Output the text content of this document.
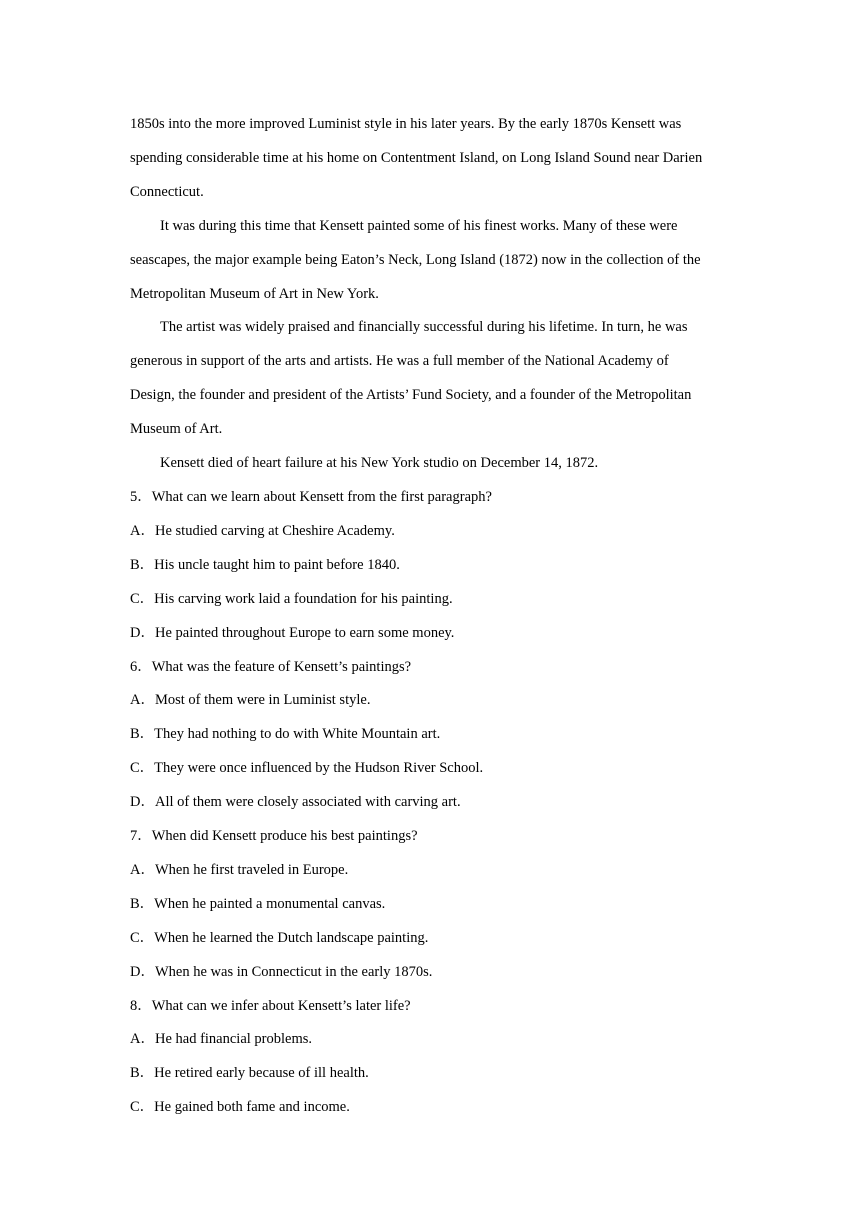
1850s into the more improved Luminist style in his later years. By the early 1870s Kensett was
spending considerable time at his home on Contentment Island, on Long Island Sound near Darien
Connecticut.
It was during this time that Kensett painted some of his finest works. Many of these were
seascapes, the major example being Eaton’s Neck, Long Island (1872) now in the collection of the
Metropolitan Museum of Art in New York.
The artist was widely praised and financially successful during his lifetime. In turn, he was
generous in support of the arts and artists. He was a full member of the National Academy of
Design, the founder and president of the Artists’ Fund Society, and a founder of the Metropolitan
Museum of Art.
Kensett died of heart failure at his New York studio on December 14, 1872.
5．What can we learn about Kensett from the first paragraph?
A．He studied carving at Cheshire Academy.
B．His uncle taught him to paint before 1840.
C．His carving work laid a foundation for his painting.
D．He painted throughout Europe to earn some money.
6．What was the feature of Kensett’s paintings?
A．Most of them were in Luminist style.
B．They had nothing to do with White Mountain art.
C．They were once influenced by the Hudson River School.
D．All of them were closely associated with carving art.
7．When did Kensett produce his best paintings?
A．When he first traveled in Europe.
B．When he painted a monumental canvas.
C．When he learned the Dutch landscape painting.
D．When he was in Connecticut in the early 1870s.
8．What can we infer about Kensett’s later life?
A．He had financial problems.
B．He retired early because of ill health.
C．He gained both fame and income.
